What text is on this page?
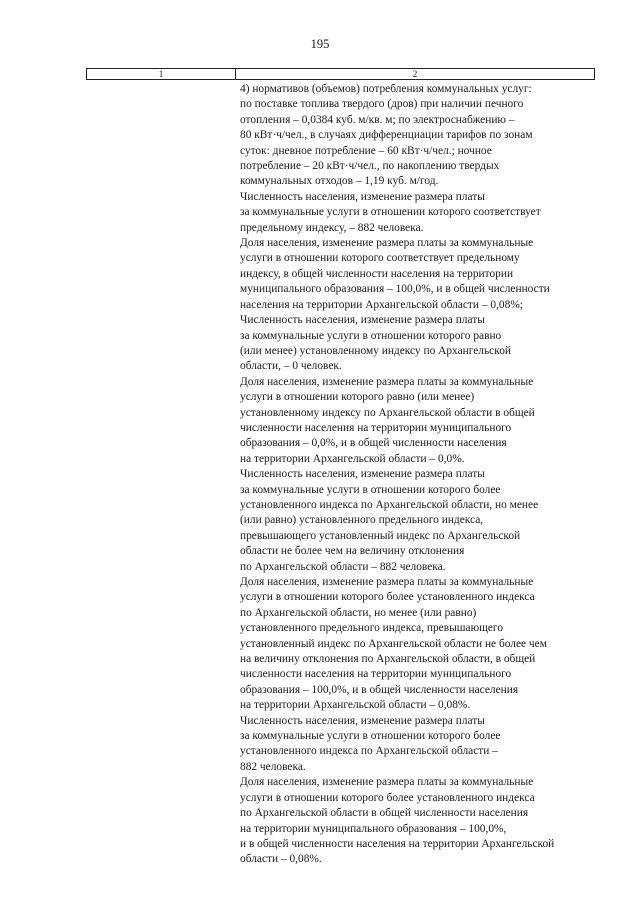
195
1	2
4) нормативов (объемов) потребления коммунальных услуг:
по поставке топлива твердого (дров) при наличии печного
отопления – 0,0384 куб. м/кв. м; по электроснабжению –
80 кВт·ч/чел., в случаях дифференциации тарифов по зонам
суток: дневное потребление – 60 кВт·ч/чел.; ночное
потребление – 20 кВт·ч/чел., по накоплению твердых
коммунальных отходов – 1,19 куб. м/год.
Численность населения, изменение размера платы
за коммунальные услуги в отношении которого соответствует
предельному индексу, – 882 человека.
Доля населения, изменение размера платы за коммунальные
услуги в отношении которого соответствует предельному
индексу, в общей численности населения на территории
муниципального образования – 100,0%, и в общей численности
населения на территории Архангельской области – 0,08%;
Численность населения, изменение размера платы
за коммунальные услуги в отношении которого равно
(или менее) установленному индексу по Архангельской
области, – 0 человек.
Доля населения, изменение размера платы за коммунальные
услуги в отношении которого равно (или менее)
установленному индексу по Архангельской области в общей
численности населения на территории муниципального
образования – 0,0%, и в общей численности населения
на территории Архангельской области – 0,0%.
Численность населения, изменение размера платы
за коммунальные услуги в отношении которого более
установленного индекса по Архангельской области, но менее
(или равно) установленного предельного индекса,
превышающего установленный индекс по Архангельской
области не более чем на величину отклонения
по Архангельской области – 882 человека.
Доля населения, изменение размера платы за коммунальные
услуги в отношении которого более установленного индекса
по Архангельской области, но менее (или равно)
установленного предельного индекса, превышающего
установленный индекс по Архангельской области не более чем
на величину отклонения по Архангельской области, в общей
численности населения на территории муниципального
образования – 100,0%, и в общей численности населения
на территории Архангельской области – 0,08%.
Численность населения, изменение размера платы
за коммунальные услуги в отношении которого более
установленного индекса по Архангельской области –
882 человека.
Доля населения, изменение размера платы за коммунальные
услуги в отношении которого более установленного индекса
по Архангельской области в общей численности населения
на территории муниципального образования – 100,0%,
и в общей численности населения на территории Архангельской
области – 0,08%.
